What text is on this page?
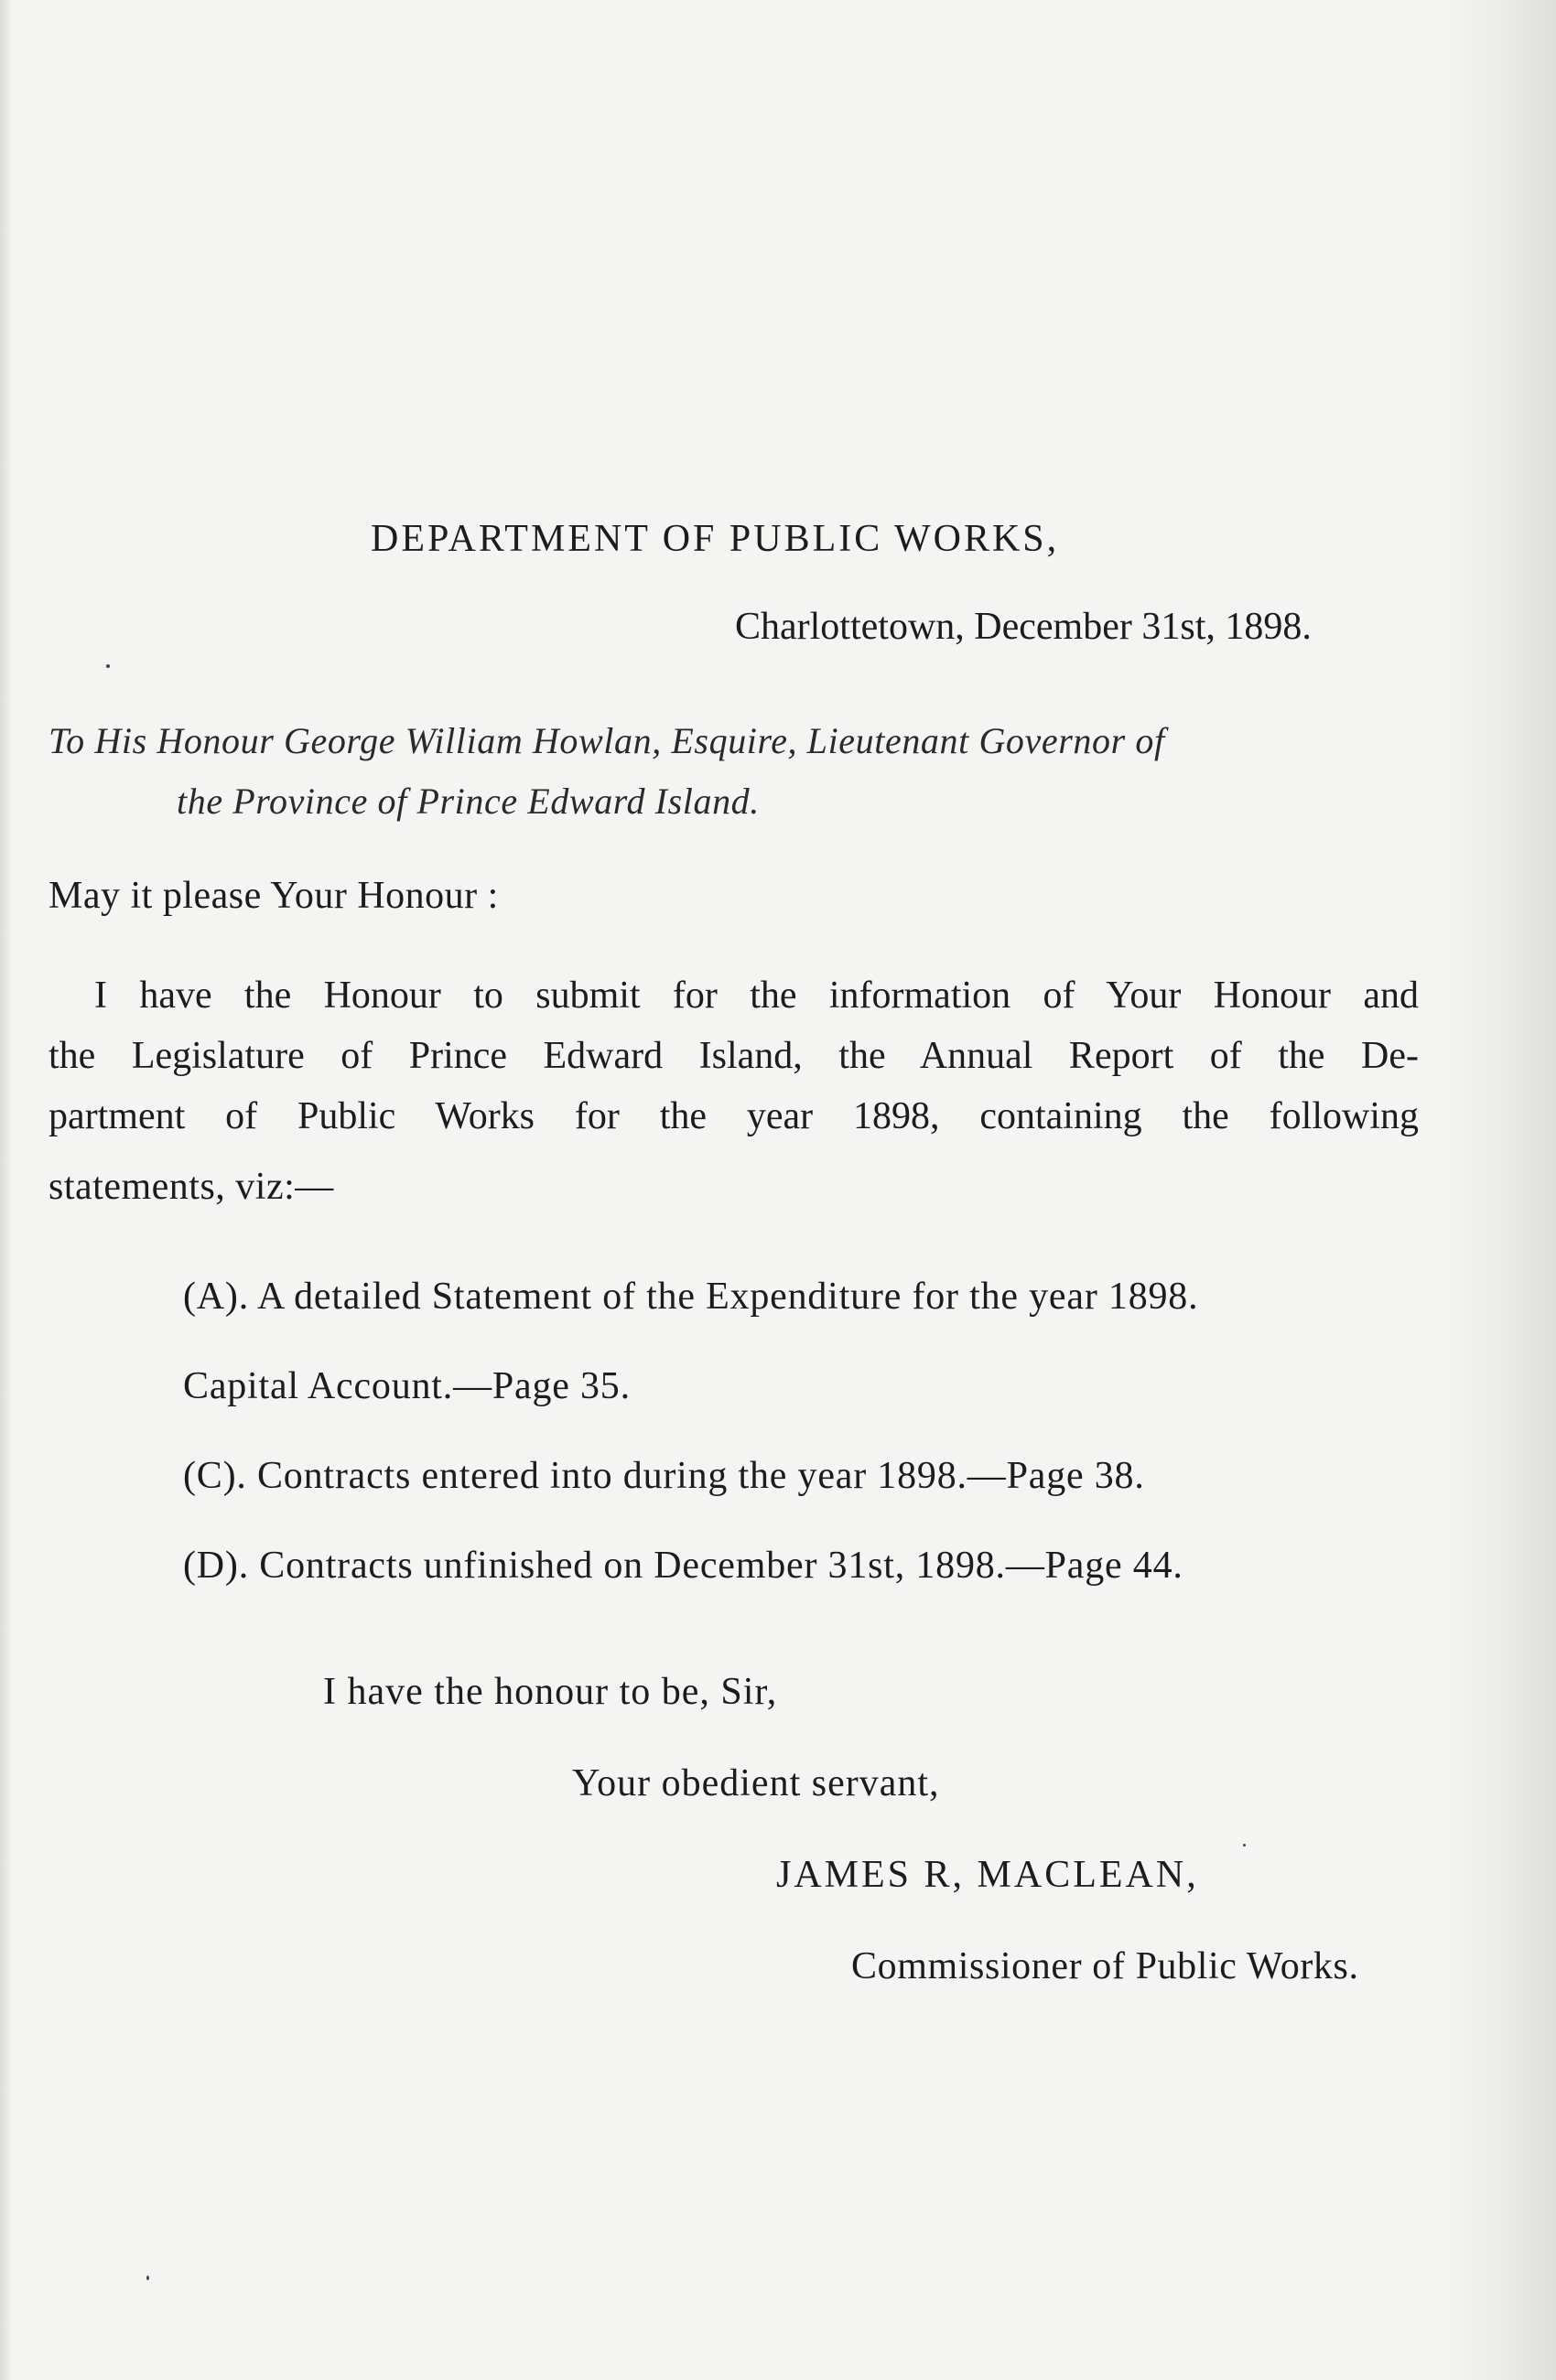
DEPARTMENT OF PUBLIC WORKS,
Charlottetown, December 31st, 1898.
To His Honour George William Howlan, Esquire, Lieutenant Governor of
the Province of Prince Edward Island.
May it please Your Honour :
I have the Honour to submit for the information of Your Honour and
the Legislature of Prince Edward Island, the Annual Report of the De-
partment of Public Works for the year 1898, containing the following
statements, viz:—
(A). A detailed Statement of the Expenditure for the year 1898.
Capital Account.—Page 35.
(C). Contracts entered into during the year 1898.—Page 38.
(D). Contracts unfinished on December 31st, 1898.—Page 44.
I have the honour to be, Sir,
Your obedient servant,
JAMES R, MACLEAN,
Commissioner of Public Works.
